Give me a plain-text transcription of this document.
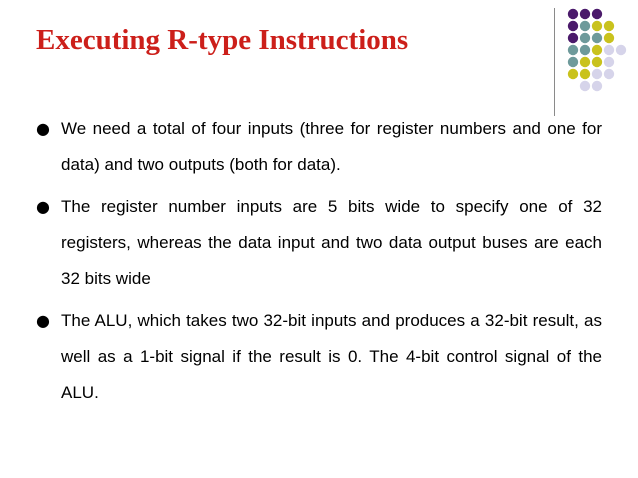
Executing R-type Instructions
● We need a total of four inputs (three for register numbers and one for data) and two outputs (both for data).
● The register number inputs are 5 bits wide to specify one of 32 registers, whereas the data input and two data output buses are each 32 bits wide
● The ALU, which takes two 32-bit inputs and produces a 32-bit result, as well as a 1-bit signal if the result is 0. The 4-bit control signal of the ALU.
